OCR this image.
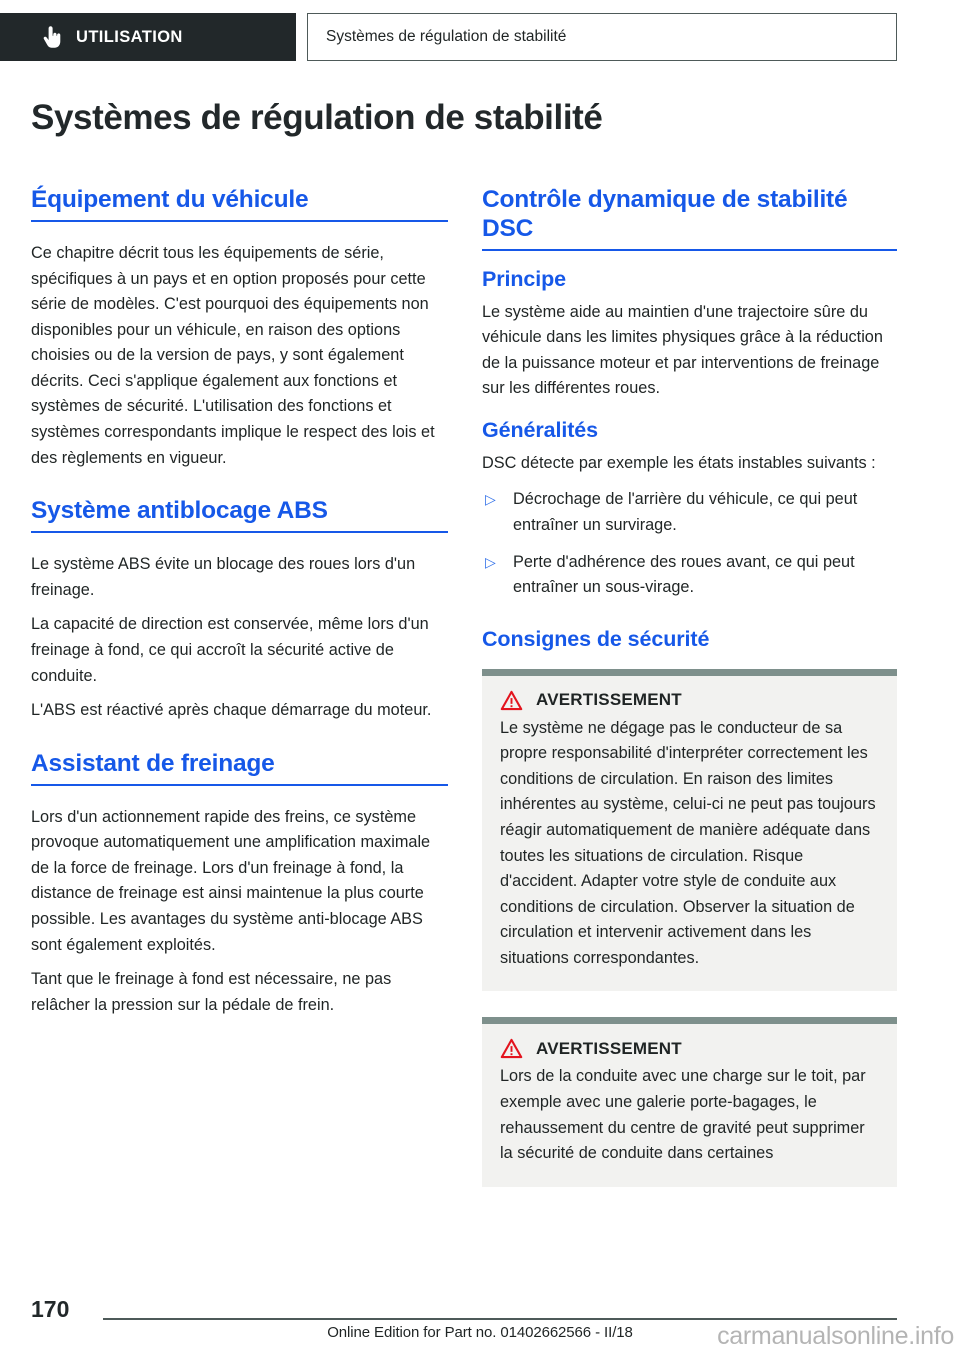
UTILISATION	Systèmes de régulation de stabilité
Systèmes de régulation de stabilité
Équipement du véhicule

Ce chapitre décrit tous les équipements de série, spécifiques à un pays et en option proposés pour cette série de modèles. C'est pourquoi des équipements non disponibles pour un véhicule, en raison des options choisies ou de la version de pays, y sont également décrits. Ceci s'applique également aux fonctions et systèmes de sécurité. L'utilisation des fonctions et systèmes correspondants implique le respect des lois et des règlements en vigueur.

Système antiblocage ABS

Le système ABS évite un blocage des roues lors d'un freinage.

La capacité de direction est conservée, même lors d'un freinage à fond, ce qui accroît la sécurité active de conduite.

L'ABS est réactivé après chaque démarrage du moteur.

Assistant de freinage

Lors d'un actionnement rapide des freins, ce système provoque automatiquement une amplification maximale de la force de freinage. Lors d'un freinage à fond, la distance de freinage est ainsi maintenue la plus courte possible. Les avantages du système anti-blocage ABS sont également exploités.

Tant que le freinage à fond est nécessaire, ne pas relâcher la pression sur la pédale de frein.

Contrôle dynamique de stabilité DSC
Principe

Le système aide au maintien d'une trajectoire sûre du véhicule dans les limites physiques grâce à la réduction de la puissance moteur et par interventions de freinage sur les différentes roues.

Généralités

DSC détecte par exemple les états instables suivants :

▷	Décrochage de l'arrière du véhicule, ce qui peut entraîner un survirage.
▷	Perte d'adhérence des roues avant, ce qui peut entraîner un sous-virage.
Consignes de sécurité
AVERTISSEMENT

Le système ne dégage pas le conducteur de sa propre responsabilité d'interpréter correctement les conditions de circulation. En raison des limites inhérentes au système, celui-ci ne peut pas toujours réagir automatiquement de manière adéquate dans toutes les situations de circulation. Risque d'accident. Adapter votre style de conduite aux conditions de circulation. Observer la situation de circulation et intervenir activement dans les situations correspondantes.

AVERTISSEMENT

Lors de la conduite avec une charge sur le toit, par exemple avec une galerie porte-bagages, le rehaussement du centre de gravité peut supprimer la sécurité de conduite dans certaines

170
Online Edition for Part no. 01402662566 - II/18	carmanualsonline.info
